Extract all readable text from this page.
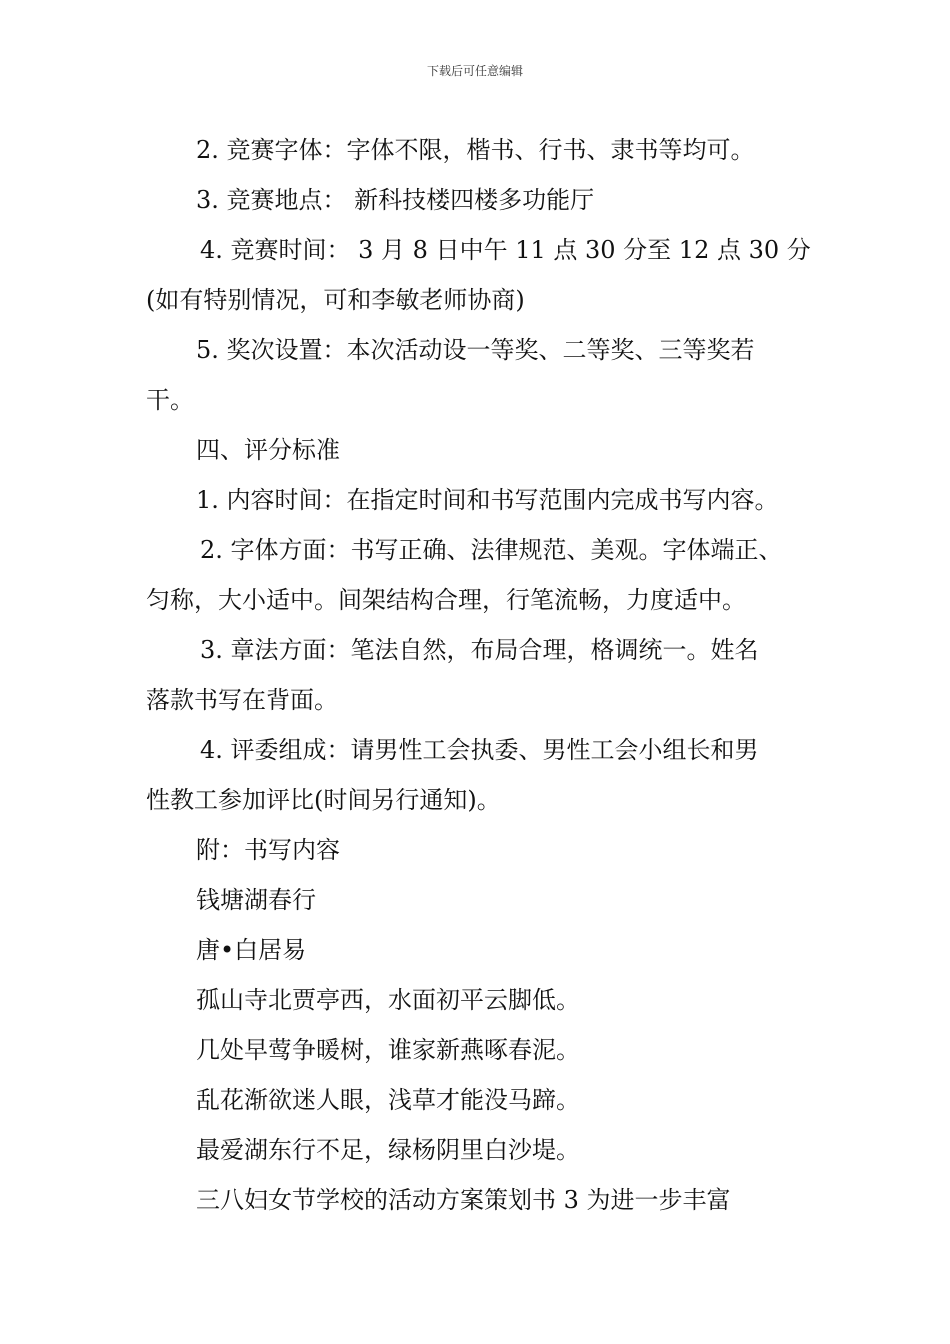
下载后可任意编辑
2. 竞赛字体：字体不限，楷书、行书、隶书等均可。
3. 竞赛地点： 新科技楼四楼多功能厅
4. 竞赛时间： 3 月 8 日中午 11 点 30 分至 12 点 30 分
(如有特别情况，可和李敏老师协商)
5. 奖次设置：本次活动设一等奖、二等奖、三等奖若
干。
四、评分标准
1. 内容时间：在指定时间和书写范围内完成书写内容。
2. 字体方面：书写正确、法律规范、美观。字体端正、
匀称，大小适中。间架结构合理，行笔流畅，力度适中。
3. 章法方面：笔法自然，布局合理，格调统一。姓名
落款书写在背面。
4. 评委组成：请男性工会执委、男性工会小组长和男
性教工参加评比(时间另行通知)。
附：书写内容
钱塘湖春行
唐•白居易
孤山寺北贾亭西，水面初平云脚低。
几处早莺争暖树，谁家新燕啄春泥。
乱花渐欲迷人眼，浅草才能没马蹄。
最爱湖东行不足，绿杨阴里白沙堤。
三八妇女节学校的活动方案策划书 3 为进一步丰富
